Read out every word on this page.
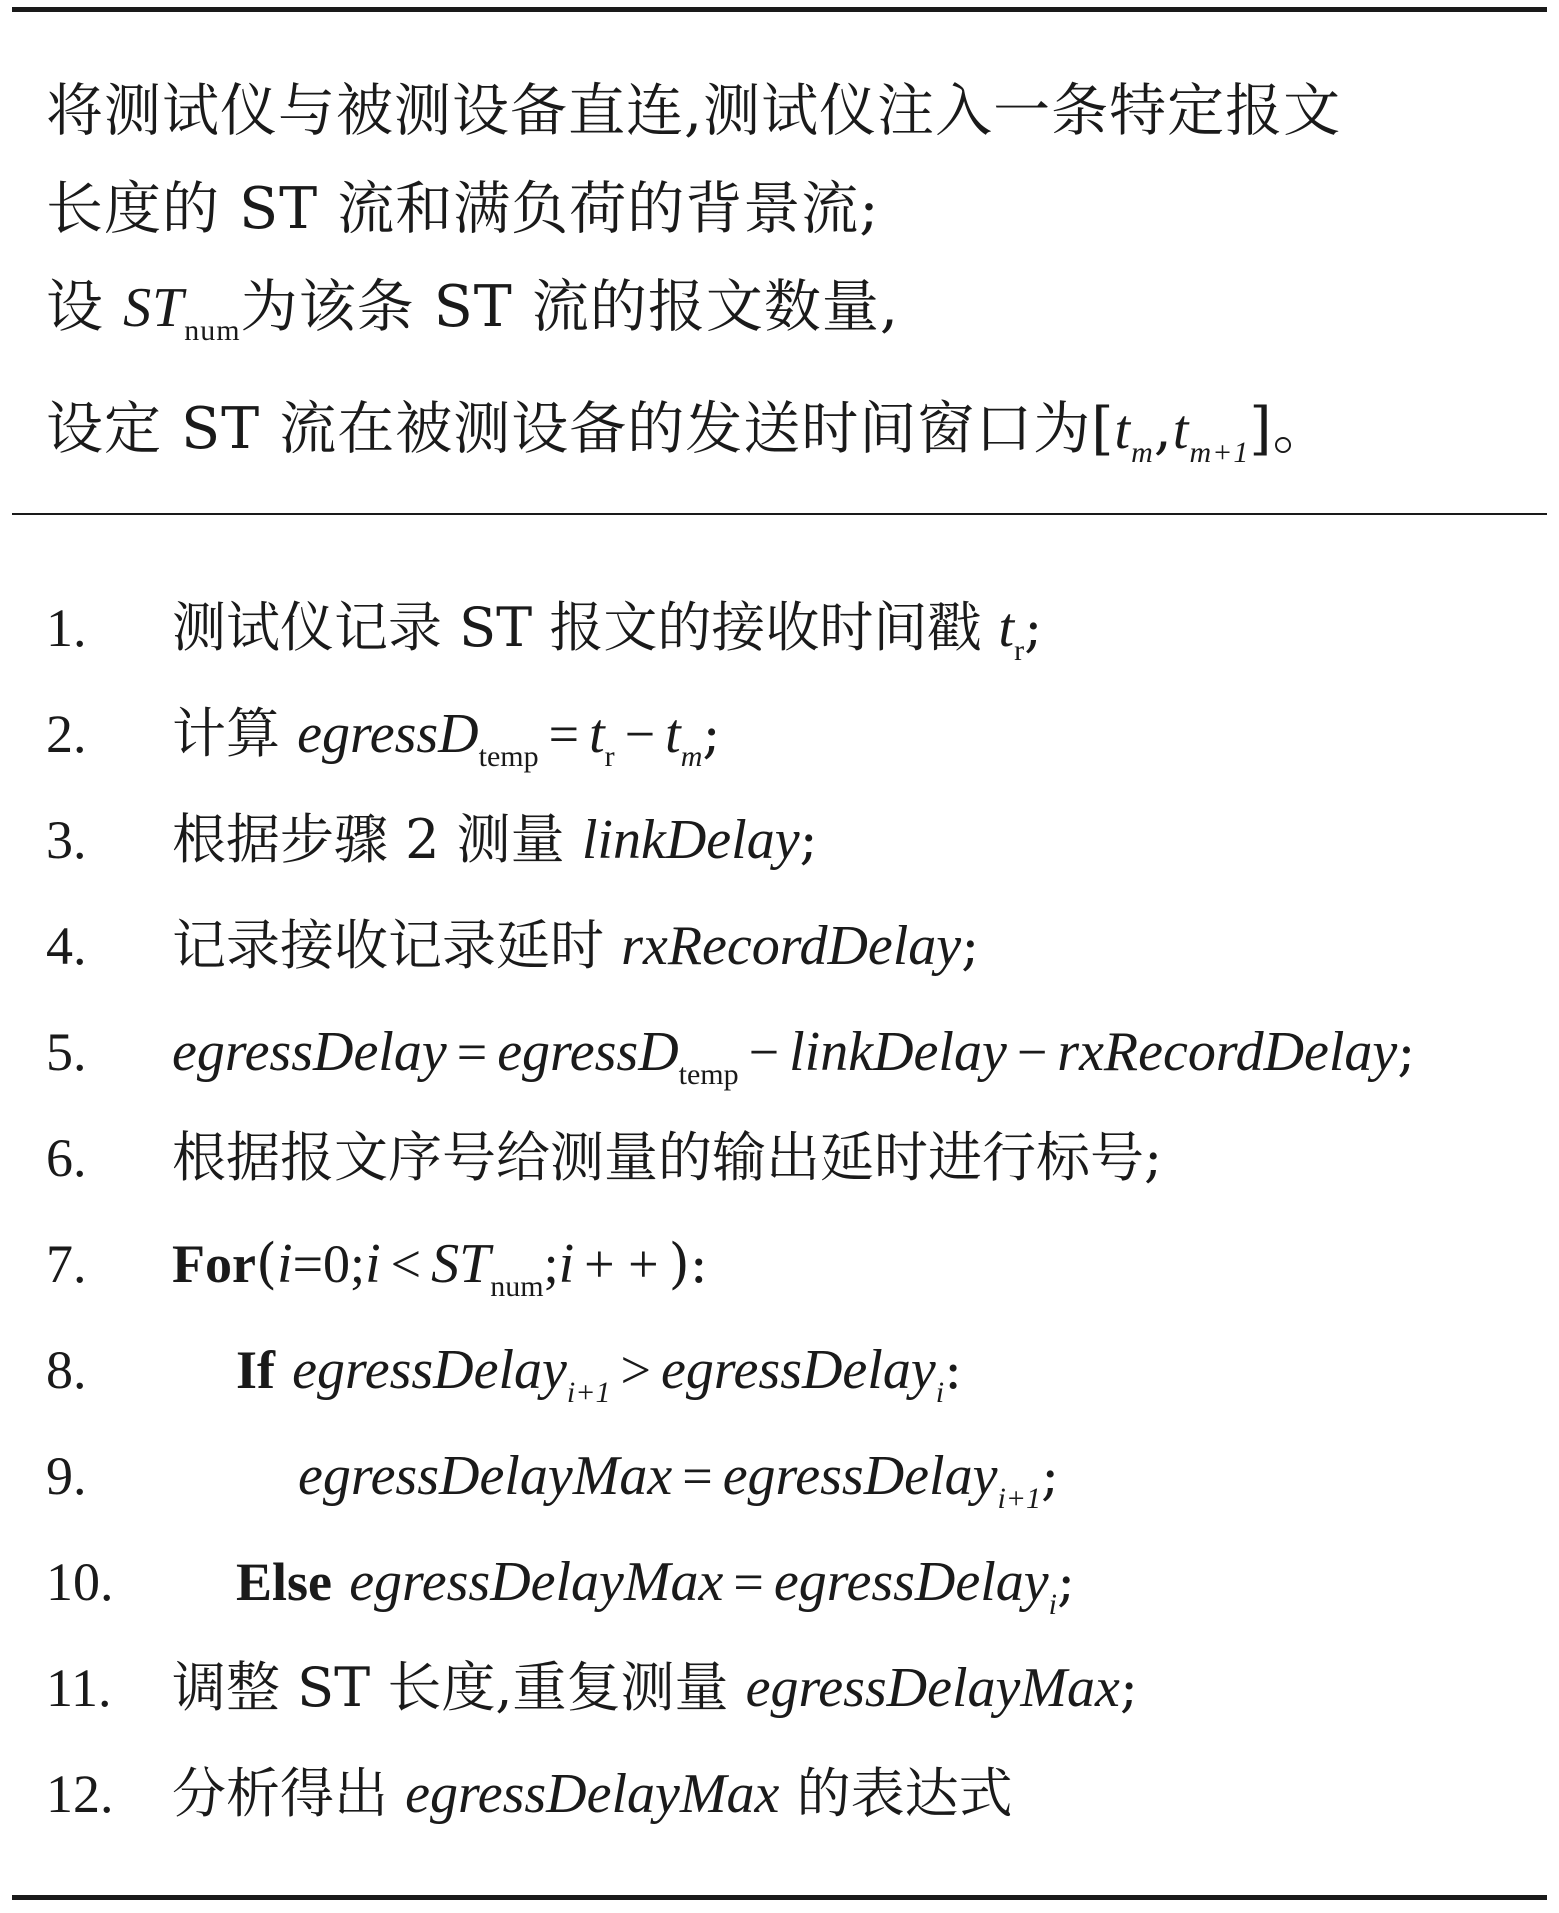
将测试仪与被测设备直连,测试仪注入一条特定报文
长度的 ST 流和满负荷的背景流;
设 $ST_{num}$为该条 ST 流的报文数量,
设定 ST 流在被测设备的发送时间窗口为$[t_m,t_{m+1}]$。
1. 测试仪记录 ST 报文的接收时间戳 $t_r$;
2. 计算 egressD$_{temp}$ = $t_r - t_m$;
3. 根据步骤 2 测量 linkDelay;
4. 记录接收记录延时 rxRecordDelay;
5. egressDelay = egressD$_{temp}$ − linkDelay − rxRecordDelay;
6. 根据报文序号给测量的输出延时进行标号;
7. For(i=0;i < $ST_{num};i$ + + ):
8.	If egressDelay$_{i+1}$ > egressDelay$_i$:
9.	egressDelayMax = egressDelay$_{i+1}$;
10. Else egressDelayMax = egressDelay$_i$;
11. 调整 ST 长度,重复测量 egressDelayMax;
12. 分析得出 egressDelayMax 的表达式
